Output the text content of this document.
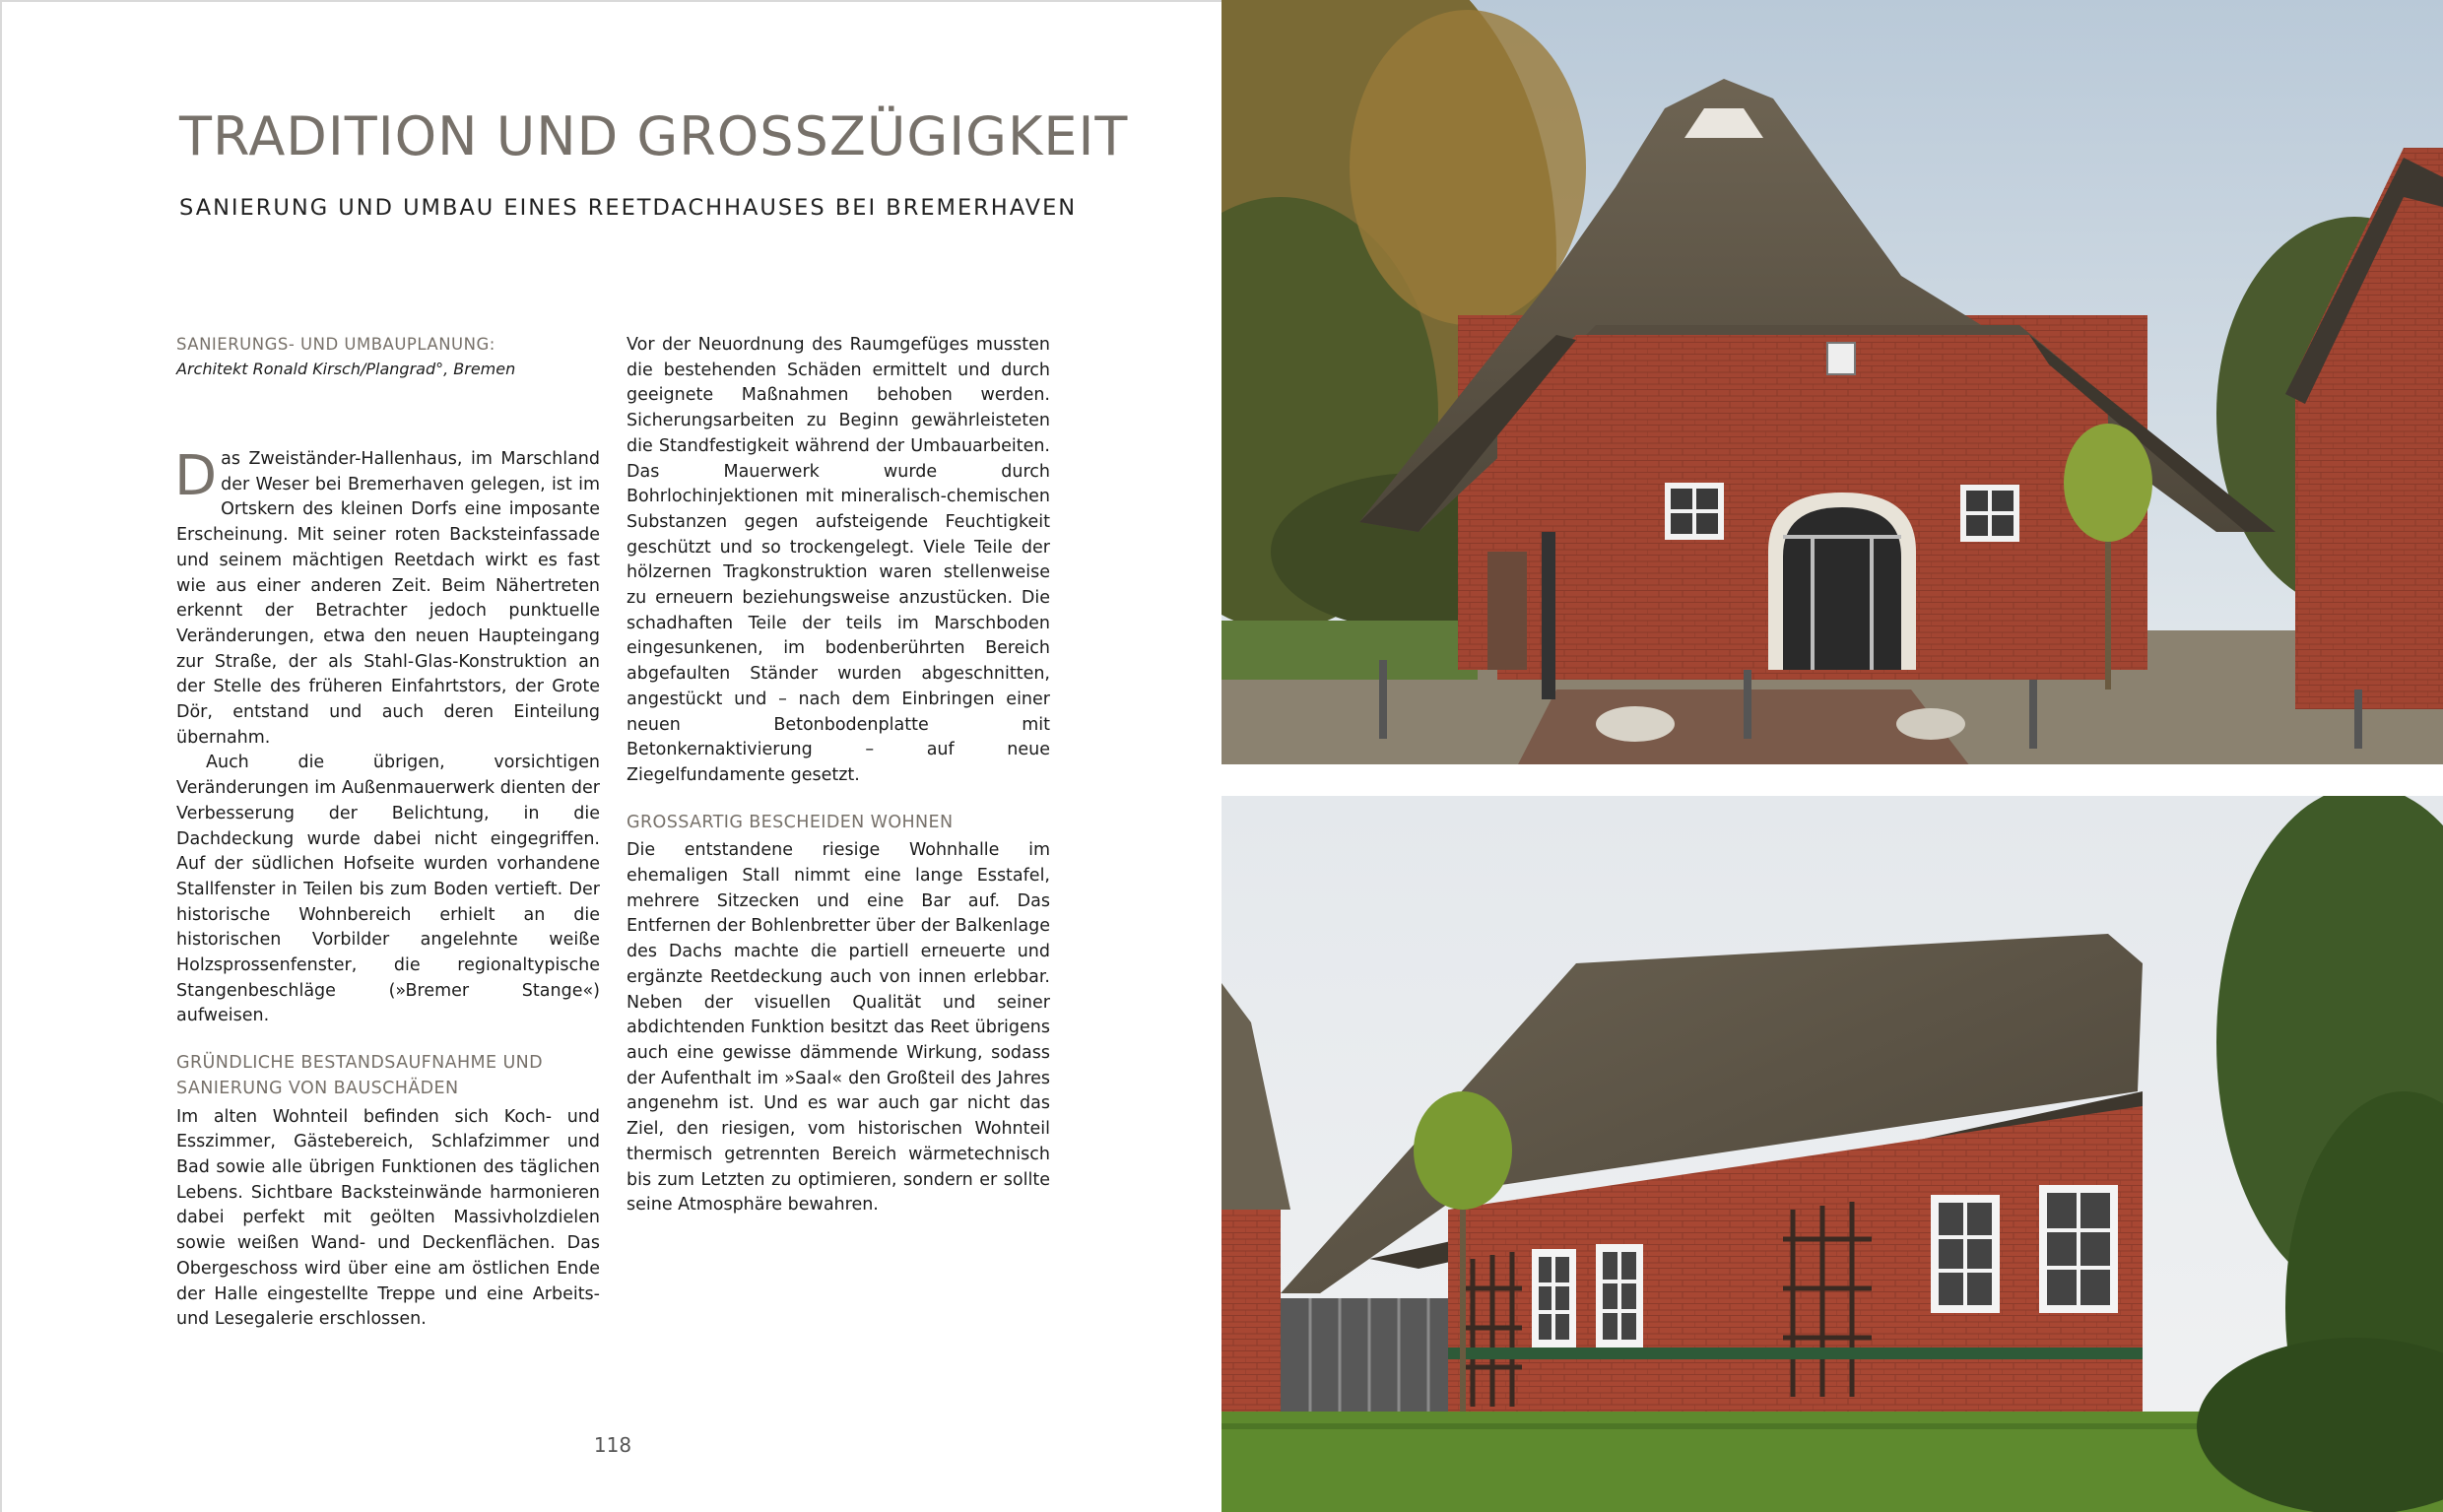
TRADITION UND GROSSZÜGIGKEIT
SANIERUNG UND UMBAU EINES REETDACHHAUSES BEI BREMERHAVEN
SANIERUNGS- UND UMBAUPLANUNG:
Architekt Ronald Kirsch/Plangrad°, Bremen

Das Zweiständer-Hallenhaus, im Marschland der Weser bei Bremerhaven gelegen, ist im Ortskern des kleinen Dorfs eine imposante Erscheinung. Mit seiner roten Backsteinfassade und seinem mächtigen Reetdach wirkt es fast wie aus einer anderen Zeit. Beim Nähertreten erkennt der Betrachter jedoch punktuelle Veränderungen, etwa den neuen Haupteingang zur Straße, der als Stahl-Glas-Konstruktion an der Stelle des früheren Einfahrtstors, der Grote Dör, entstand und auch deren Einteilung übernahm.

Auch die übrigen, vorsichtigen Veränderungen im Außenmauerwerk dienten der Verbesserung der Belichtung, in die Dachdeckung wurde dabei nicht eingegriffen. Auf der südlichen Hofseite wurden vorhandene Stallfenster in Teilen bis zum Boden vertieft. Der historische Wohnbereich erhielt an die historischen Vorbilder angelehnte weiße Holzsprossenfenster, die regionaltypische Stangenbeschläge (»Bremer Stange«) aufweisen.

GRÜNDLICHE BESTANDSAUFNAHME UND SANIERUNG VON BAUSCHÄDEN

Im alten Wohnteil befinden sich Koch- und Esszimmer, Gästebereich, Schlafzimmer und Bad sowie alle übrigen Funktionen des täglichen Lebens. Sichtbare Backsteinwände harmonieren dabei perfekt mit geölten Massivholzdielen sowie weißen Wand- und Deckenflächen. Das Obergeschoss wird über eine am östlichen Ende der Halle eingestellte Treppe und eine Arbeits- und Lesegalerie erschlossen.

Vor der Neuordnung des Raumgefüges mussten die bestehenden Schäden ermittelt und durch geeignete Maßnahmen behoben werden. Sicherungsarbeiten zu Beginn gewährleisteten die Standfestigkeit während der Umbauarbeiten. Das Mauerwerk wurde durch Bohrlochinjektionen mit mineralisch-chemischen Substanzen gegen aufsteigende Feuchtigkeit geschützt und so trockengelegt. Viele Teile der hölzernen Tragkonstruktion waren stellenweise zu erneuern beziehungsweise anzustücken. Die schadhaften Teile der teils im Marschboden eingesunkenen, im bodenberührten Bereich abgefaulten Ständer wurden abgeschnitten, angestückt und – nach dem Einbringen einer neuen Betonbodenplatte mit Betonkernaktivierung – auf neue Ziegelfundamente gesetzt.

GROSSARTIG BESCHEIDEN WOHNEN

Die entstandene riesige Wohnhalle im ehemaligen Stall nimmt eine lange Esstafel, mehrere Sitzecken und eine Bar auf. Das Entfernen der Bohlenbretter über der Balkenlage des Dachs machte die partiell erneuerte und ergänzte Reetdeckung auch von innen erlebbar. Neben der visuellen Qualität und seiner abdichtenden Funktion besitzt das Reet übrigens auch eine gewisse dämmende Wirkung, sodass der Aufenthalt im »Saal« den Großteil des Jahres angenehm ist. Und es war auch gar nicht das Ziel, den riesigen, vom historischen Wohnteil thermisch getrennten Bereich wärmetechnisch bis zum Letzten zu optimieren, sondern er sollte seine Atmosphäre bewahren.

118
